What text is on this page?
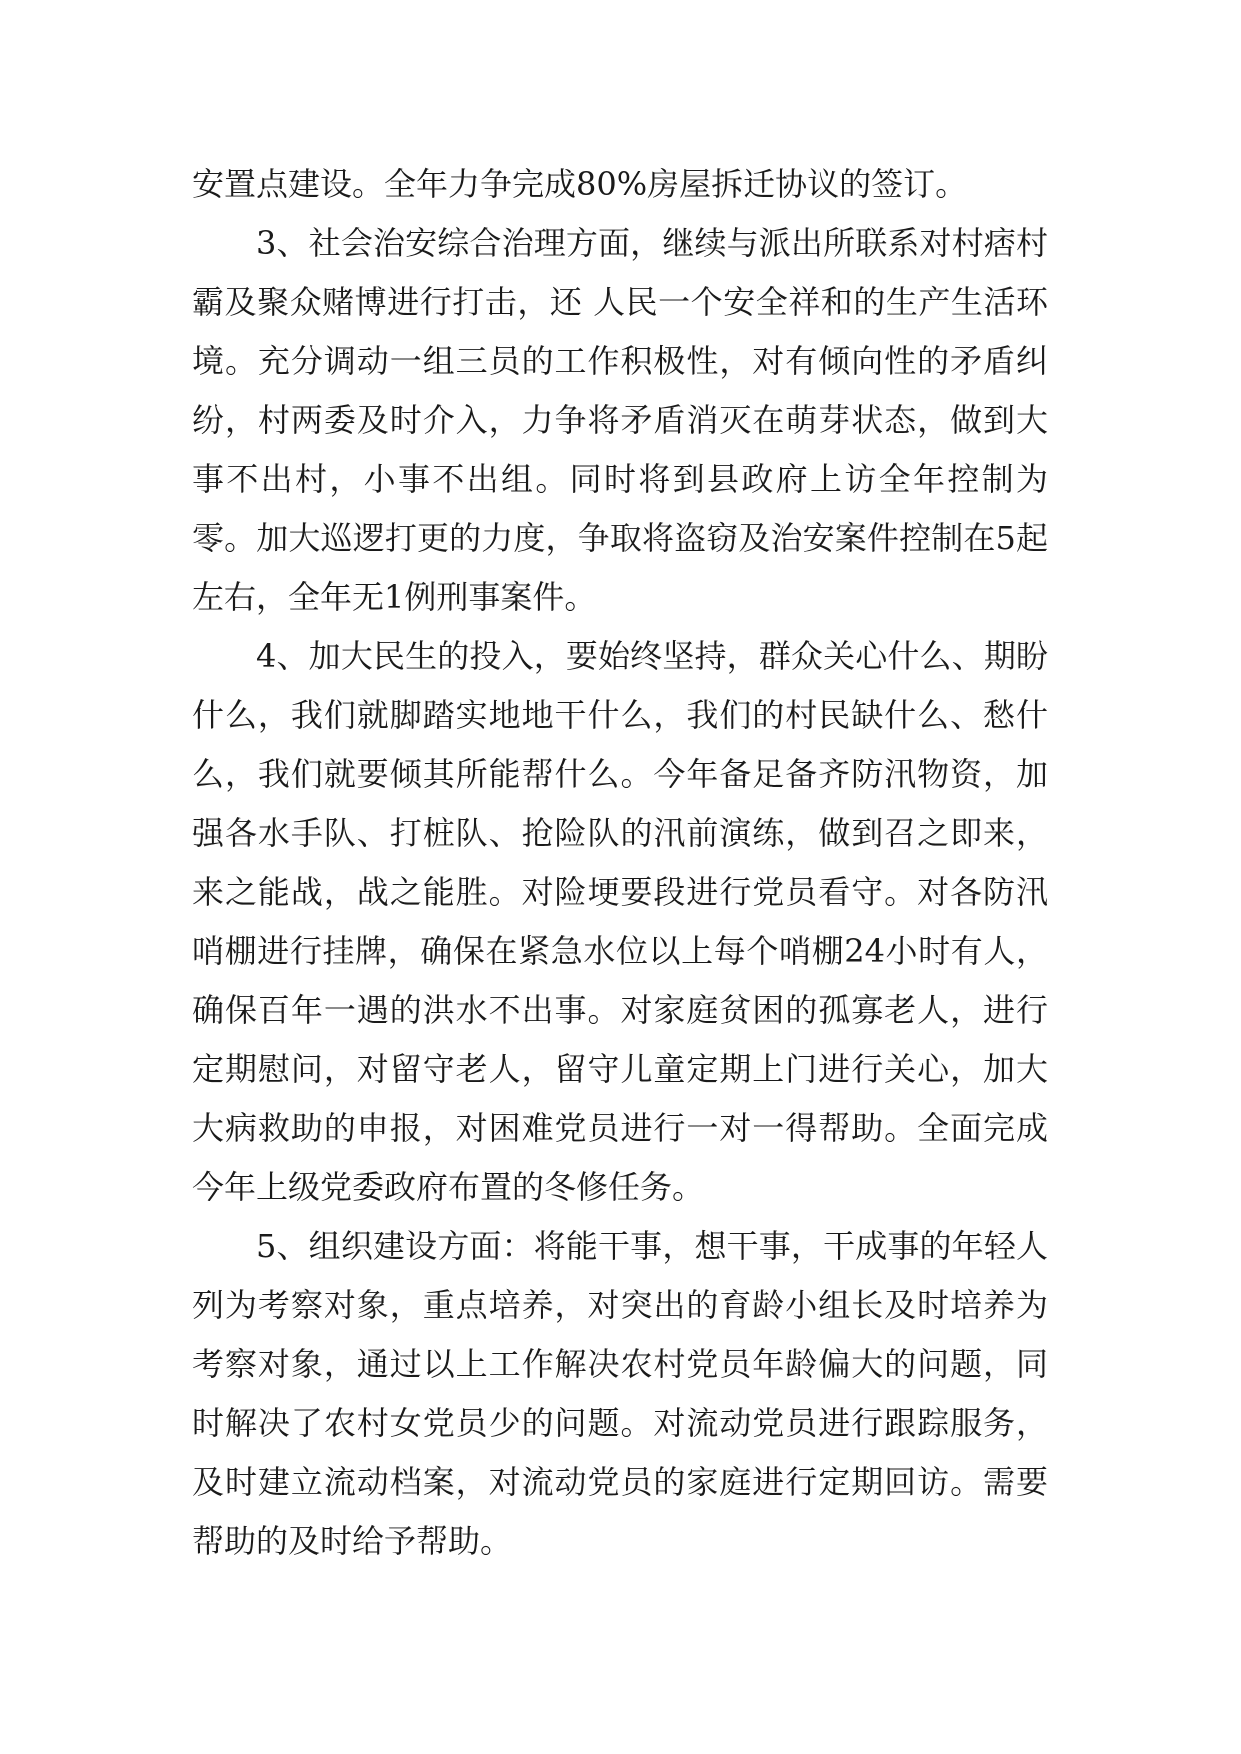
安置点建设。全年力争完成80%房屋拆迁协议的签订。

3、社会治安综合治理方面，继续与派出所联系对村痞村霸及聚众赌博进行打击，还 人民一个安全祥和的生产生活环境。充分调动一组三员的工作积极性，对有倾向性的矛盾纠纷，村两委及时介入，力争将矛盾消灭在萌芽状态，做到大事不出村，小事不出组。同时将到县政府上访全年控制为零。加大巡逻打更的力度，争取将盗窃及治安案件控制在5起左右，全年无1例刑事案件。

4、加大民生的投入，要始终坚持，群众关心什么、期盼什么，我们就脚踏实地地干什么，我们的村民缺什么、愁什么，我们就要倾其所能帮什么。今年备足备齐防汛物资，加强各水手队、打桩队、抢险队的汛前演练，做到召之即来，来之能战，战之能胜。对险埂要段进行党员看守。对各防汛哨棚进行挂牌，确保在紧急水位以上每个哨棚24小时有人，确保百年一遇的洪水不出事。对家庭贫困的孤寡老人，进行定期慰问，对留守老人，留守儿童定期上门进行关心，加大大病救助的申报，对困难党员进行一对一得帮助。全面完成今年上级党委政府布置的冬修任务。

5、组织建设方面：将能干事，想干事，干成事的年轻人列为考察对象，重点培养，对突出的育龄小组长及时培养为考察对象，通过以上工作解决农村党员年龄偏大的问题，同时解决了农村女党员少的问题。对流动党员进行跟踪服务，及时建立流动档案，对流动党员的家庭进行定期回访。需要帮助的及时给予帮助。
